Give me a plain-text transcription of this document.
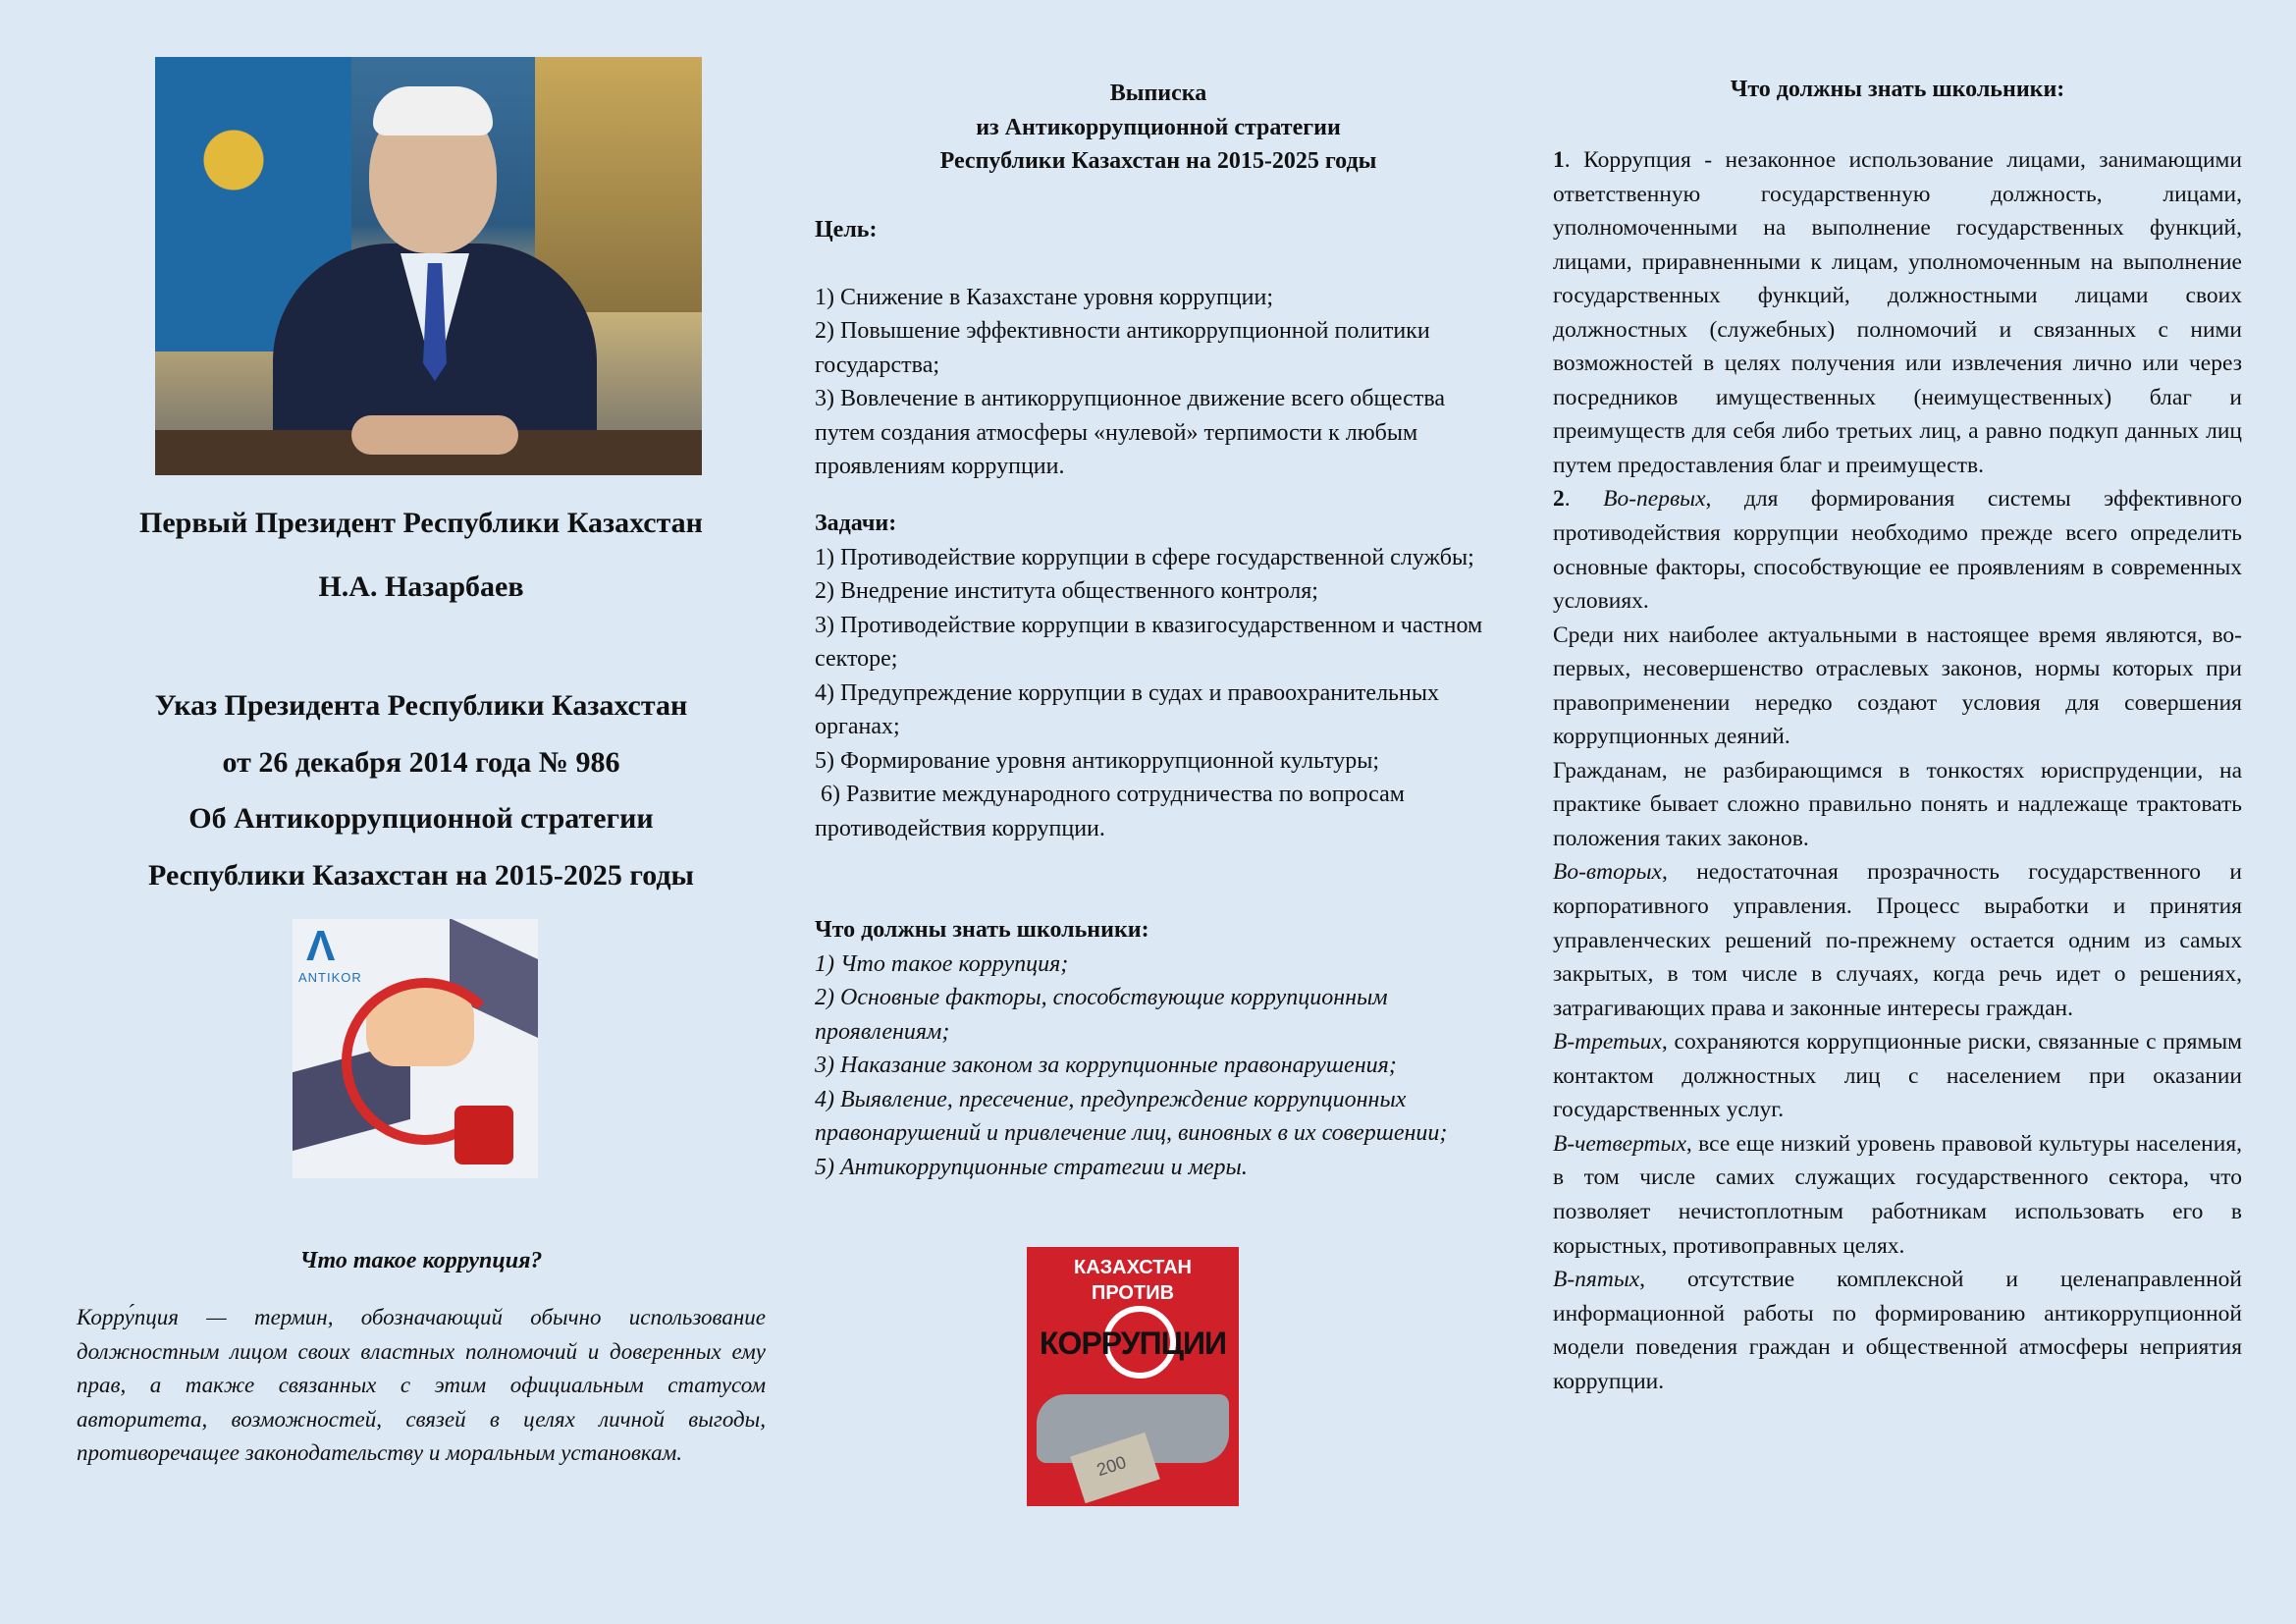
Первый Президент Республики Казахстан
Н.А. Назарбаев
Указ Президента Республики Казахстан
от 26 декабря 2014 года № 986
Об Антикоррупционной стратегии
Республики Казахстан на 2015-2025 годы
Λ
ANTIKOR
Что такое коррупция?
Корру́пция — термин, обозначающий обычно использование должностным лицом своих властных полномочий и доверенных ему прав, а также связанных с этим официальным статусом авторитета, возможностей, связей в целях личной выгоды, противоречащее законодательству и моральным установкам.
Выписка
из Антикоррупционной стратегии
Республики Казахстан на 2015-2025 годы
Цель:
1) Снижение в Казахстане уровня коррупции;
2) Повышение эффективности антикоррупционной политики государства;
3) Вовлечение в антикоррупционное движение всего общества путем создания атмосферы «нулевой» терпимости к любым проявлениям коррупции.
Задачи:
1) Противодействие коррупции в сфере государственной службы;
2) Внедрение института общественного контроля;
3) Противодействие коррупции в квазигосударственном и частном секторе;
4) Предупреждение коррупции в судах и правоохранительных органах;
5) Формирование уровня антикоррупционной культуры;
6) Развитие международного сотрудничества по вопросам противодействия коррупции.
Что должны знать школьники:
1) Что такое коррупция;
2) Основные факторы, способствующие коррупционным проявлениям;
3) Наказание законом за коррупционные правонарушения;
4) Выявление, пресечение, предупреждение коррупционных правонарушений и привлечение лиц, виновных в их совершении;
5) Антикоррупционные стратегии и меры.
КАЗАХСТАН
ПРОТИВ
КОРРУПЦИИ
200
Что должны знать школьники:

1. Коррупция - незаконное использование лицами, занимающими ответственную государственную должность, лицами, уполномоченными на выполнение государственных функций, лицами, приравненными к лицам, уполномоченным на выполнение государственных функций, должностными лицами своих должностных (служебных) полномочий и связанных с ними возможностей в целях получения или извлечения лично или через посредников имущественных (неимущественных) благ и преимуществ для себя либо третьих лиц, а равно подкуп данных лиц путем предоставления благ и преимуществ.

2. Во-первых, для формирования системы эффективного противодействия коррупции необходимо прежде всего определить основные факторы, способствующие ее проявлениям в современных условиях.

Среди них наиболее актуальными в настоящее время являются, во-первых, несовершенство отраслевых законов, нормы которых при правоприменении нередко создают условия для совершения коррупционных деяний.

Гражданам, не разбирающимся в тонкостях юриспруденции, на практике бывает сложно правильно понять и надлежаще трактовать положения таких законов.

Во-вторых, недостаточная прозрачность государственного и корпоративного управления. Процесс выработки и принятия управленческих решений по-прежнему остается одним из самых закрытых, в том числе в случаях, когда речь идет о решениях, затрагивающих права и законные интересы граждан.

В-третьих, сохраняются коррупционные риски, связанные с прямым контактом должностных лиц с населением при оказании государственных услуг.

В-четвертых, все еще низкий уровень правовой культуры населения, в том числе самих служащих государственного сектора, что позволяет нечистоплотным работникам использовать его в корыстных, противоправных целях.

В-пятых, отсутствие комплексной и целенаправленной информационной работы по формированию антикоррупционной модели поведения граждан и общественной атмосферы неприятия коррупции.
